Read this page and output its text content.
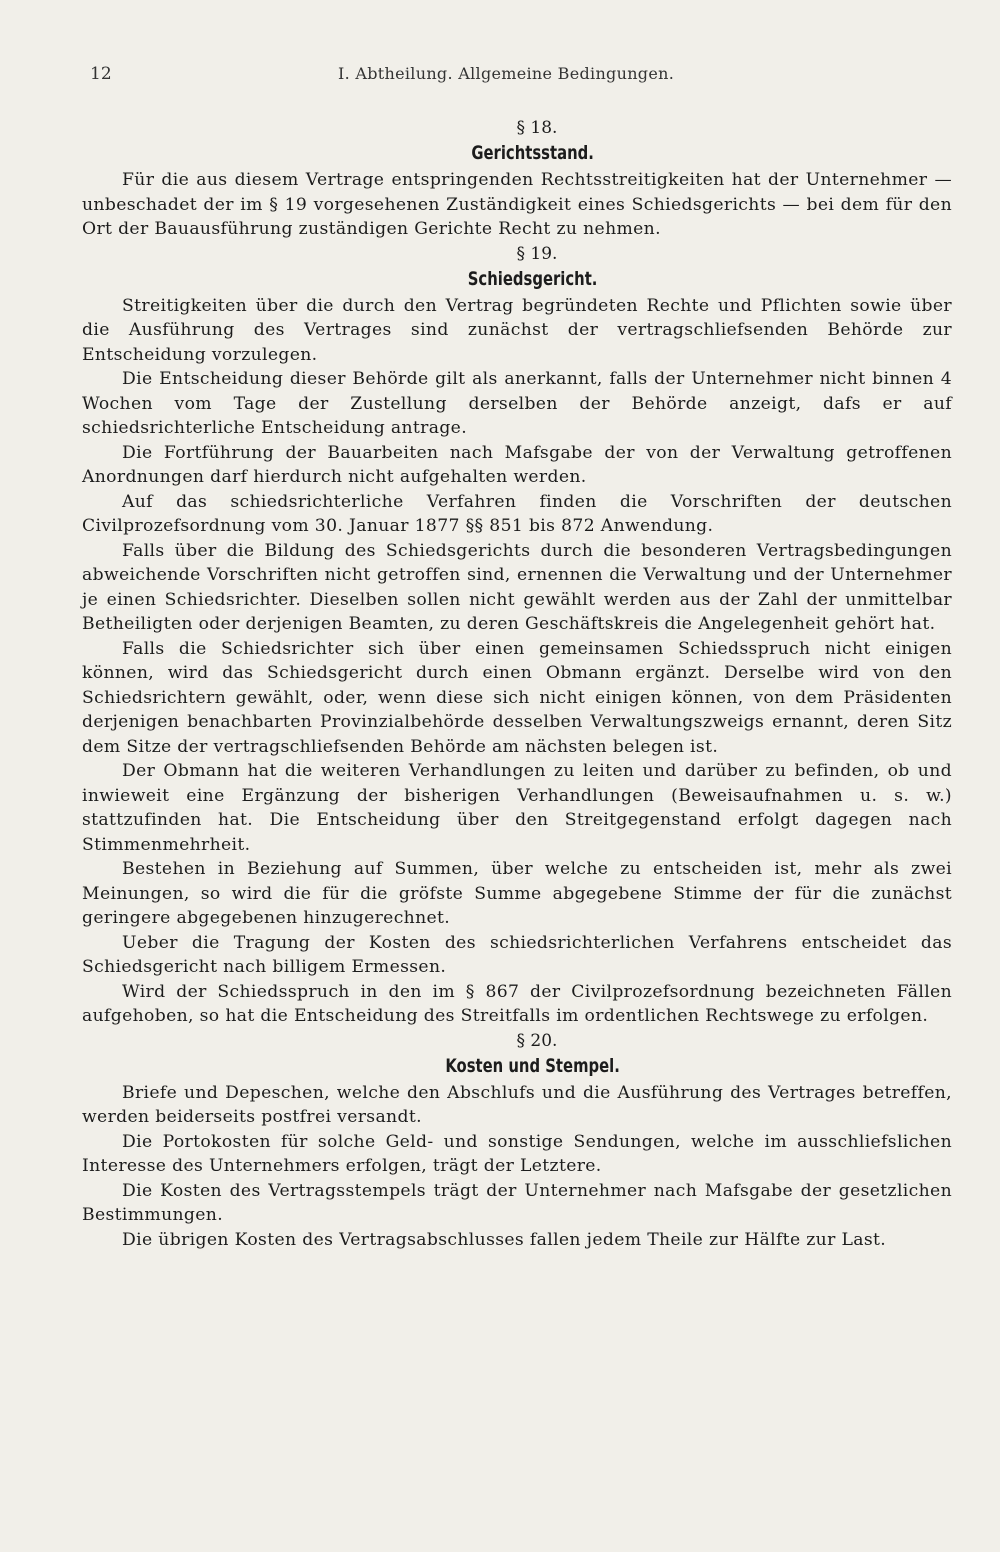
12	I. Abtheilung. Allgemeine Bedingungen.
§ 18.
Gerichtsstand.

Für die aus diesem Vertrage entspringenden Rechtsstreitigkeiten hat der Unternehmer — unbeschadet der im § 19 vorgesehenen Zuständigkeit eines Schiedsgerichts — bei dem für den Ort der Bauausführung zuständigen Gerichte Recht zu nehmen.

§ 19.
Schiedsgericht.

Streitigkeiten über die durch den Vertrag begründeten Rechte und Pflichten sowie über die Ausführung des Vertrages sind zunächst der vertragschliefsenden Behörde zur Entscheidung vorzulegen.

Die Entscheidung dieser Behörde gilt als anerkannt, falls der Unternehmer nicht binnen 4 Wochen vom Tage der Zustellung derselben der Behörde anzeigt, dafs er auf schiedsrichterliche Entscheidung antrage.

Die Fortführung der Bauarbeiten nach Mafsgabe der von der Verwaltung getroffenen Anordnungen darf hierdurch nicht aufgehalten werden.

Auf das schiedsrichterliche Verfahren finden die Vorschriften der deutschen Civilprozefsordnung vom 30. Januar 1877 §§ 851 bis 872 Anwendung.

Falls über die Bildung des Schiedsgerichts durch die besonderen Vertragsbedingungen abweichende Vorschriften nicht getroffen sind, ernennen die Verwaltung und der Unternehmer je einen Schiedsrichter. Dieselben sollen nicht gewählt werden aus der Zahl der unmittelbar Betheiligten oder derjenigen Beamten, zu deren Geschäftskreis die Angelegenheit gehört hat.

Falls die Schiedsrichter sich über einen gemeinsamen Schiedsspruch nicht einigen können, wird das Schiedsgericht durch einen Obmann ergänzt. Derselbe wird von den Schiedsrichtern gewählt, oder, wenn diese sich nicht einigen können, von dem Präsidenten derjenigen benachbarten Provinzialbehörde desselben Verwaltungszweigs ernannt, deren Sitz dem Sitze der vertragschliefsenden Behörde am nächsten belegen ist.

Der Obmann hat die weiteren Verhandlungen zu leiten und darüber zu befinden, ob und inwieweit eine Ergänzung der bisherigen Verhandlungen (Beweisaufnahmen u. s. w.) stattzufinden hat. Die Entscheidung über den Streitgegenstand erfolgt dagegen nach Stimmenmehrheit.

Bestehen in Beziehung auf Summen, über welche zu entscheiden ist, mehr als zwei Meinungen, so wird die für die gröfste Summe abgegebene Stimme der für die zunächst geringere abgegebenen hinzugerechnet.

Ueber die Tragung der Kosten des schiedsrichterlichen Verfahrens entscheidet das Schiedsgericht nach billigem Ermessen.

Wird der Schiedsspruch in den im § 867 der Civilprozefsordnung bezeichneten Fällen aufgehoben, so hat die Entscheidung des Streitfalls im ordentlichen Rechtswege zu erfolgen.

§ 20.
Kosten und Stempel.

Briefe und Depeschen, welche den Abschlufs und die Ausführung des Vertrages betreffen, werden beiderseits postfrei versandt.

Die Portokosten für solche Geld- und sonstige Sendungen, welche im ausschliefslichen Interesse des Unternehmers erfolgen, trägt der Letztere.

Die Kosten des Vertragsstempels trägt der Unternehmer nach Mafsgabe der gesetzlichen Bestimmungen.

Die übrigen Kosten des Vertragsabschlusses fallen jedem Theile zur Hälfte zur Last.
